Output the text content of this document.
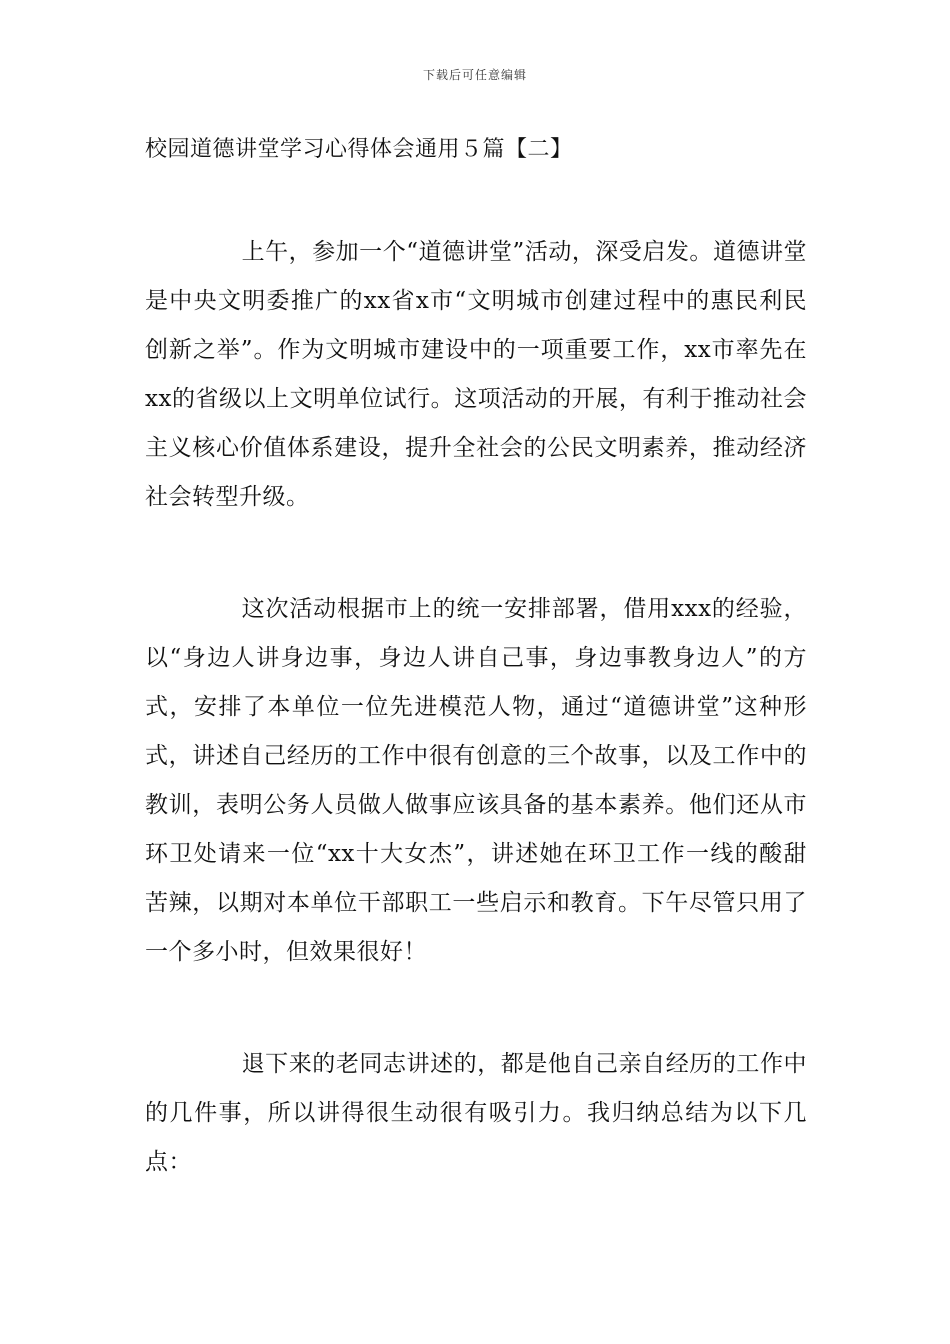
下载后可任意编辑
校园道德讲堂学习心得体会通用５篇【二】

上午，参加一个“道德讲堂”活动，深受启发。道德讲堂是中央文明委推广的xx省x市“文明城市创建过程中的惠民利民创新之举”。作为文明城市建设中的一项重要工作，xx市率先在xx的省级以上文明单位试行。这项活动的开展，有利于推动社会主义核心价值体系建设，提升全社会的公民文明素养，推动经济社会转型升级。

这次活动根据市上的统一安排部署，借用xxx的经验，以“身边人讲身边事，身边人讲自己事，身边事教身边人”的方式，安排了本单位一位先进模范人物，通过“道德讲堂”这种形式，讲述自己经历的工作中很有创意的三个故事，以及工作中的教训，表明公务人员做人做事应该具备的基本素养。他们还从市环卫处请来一位“xx十大女杰”，讲述她在环卫工作一线的酸甜苦辣，以期对本单位干部职工一些启示和教育。下午尽管只用了一个多小时，但效果很好！

退下来的老同志讲述的，都是他自己亲自经历的工作中的几件事，所以讲得很生动很有吸引力。我归纳总结为以下几点：
